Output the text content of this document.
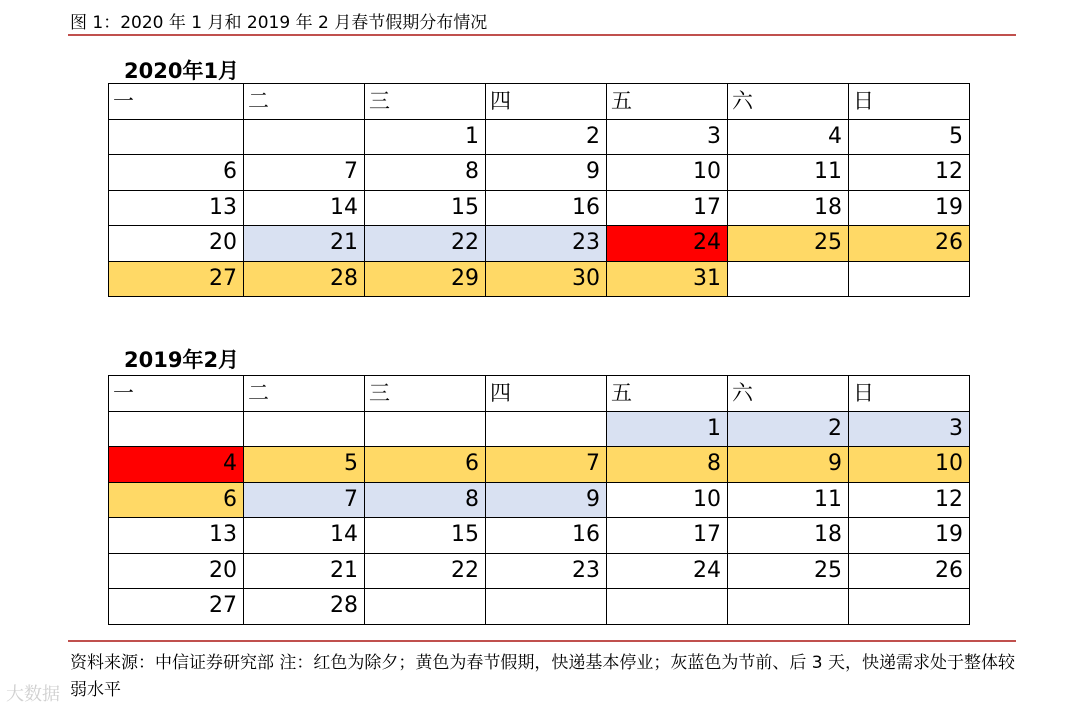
图 1：2020 年 1 月和 2019 年 2 月春节假期分布情况
2020年1月
一	二	三	四	五	六	日
		1	2	3	4	5
6	7	8	9	10	11	12
13	14	15	16	17	18	19
20	21	22	23	24	25	26
27	28	29	30	31		
2019年2月
一	二	三	四	五	六	日
				1	2	3
4	5	6	7	8	9	10
6	7	8	9	10	11	12
13	14	15	16	17	18	19
20	21	22	23	24	25	26
27	28					
资料来源：中信证券研究部 注：红色为除夕；黄色为春节假期，快递基本停业；灰蓝色为节前、后 3 天，快递需求处于整体较弱水平
大数据
